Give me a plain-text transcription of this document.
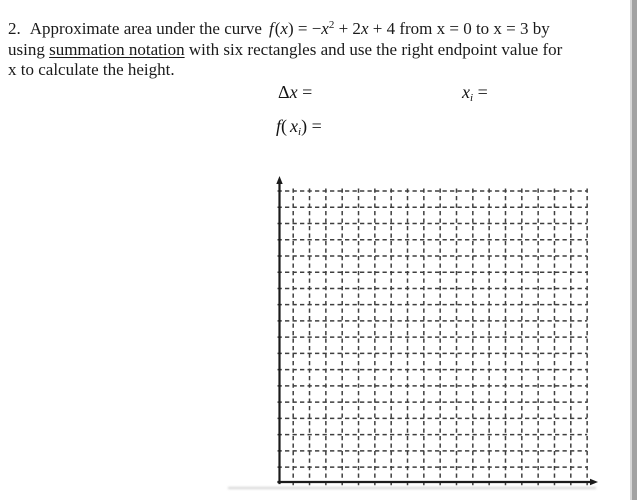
2. Approximate area under the curve $f(x) = -x^2 + 2x + 4$ from x = 0 to x = 3 by
using summation notation with six rectangles and use the right endpoint value for
x to calculate the height.
Δx =	$x_i$ =
f( $x_i$) =
